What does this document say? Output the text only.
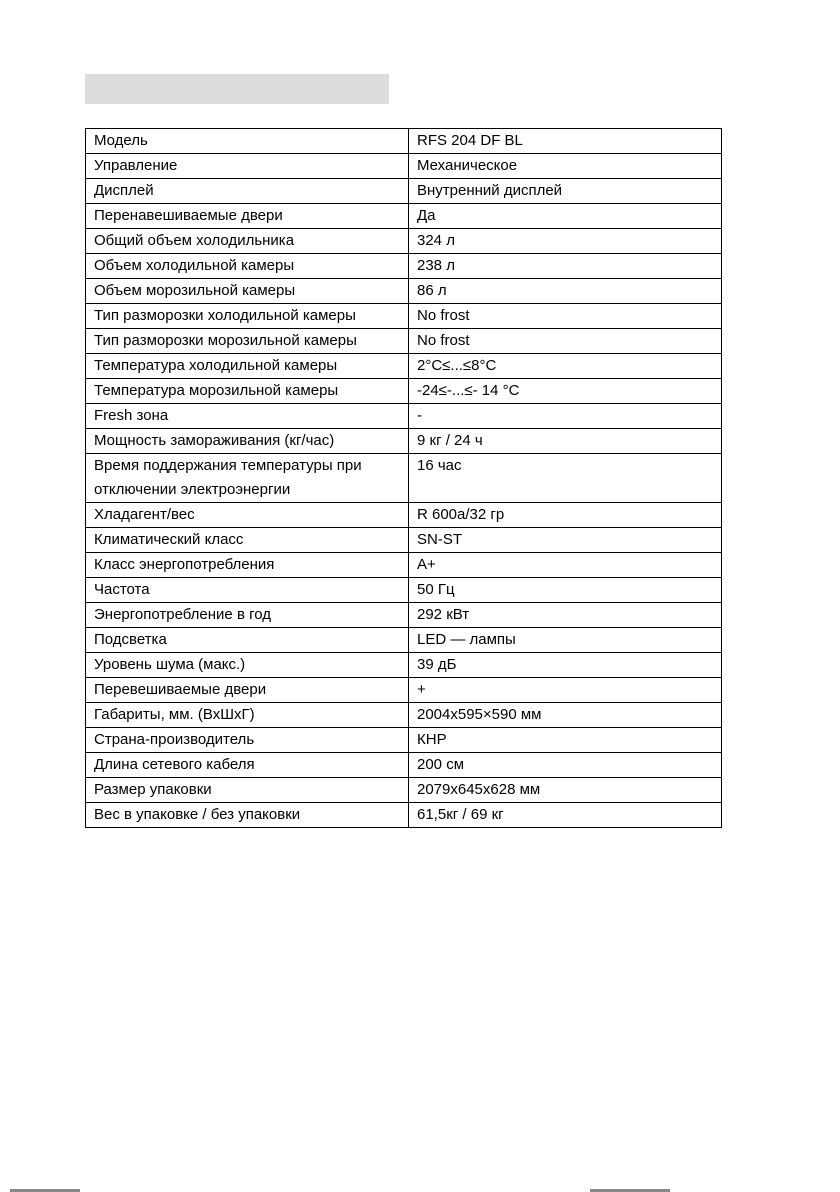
Модель	RFS 204 DF BL
Управление	Механическое
Дисплей	Внутренний дисплей
Перенавешиваемые двери	Да
Общий объем холодильника	324 л
Объем холодильной камеры	238 л
Объем морозильной камеры	86 л
Тип разморозки холодильной камеры	No frost
Тип разморозки морозильной камеры	No frost
Температура холодильной камеры	2°С≤...≤8°С
Температура морозильной камеры	-24≤-...≤- 14 °С
Fresh зона	-
Мощность замораживания (кг/час)	9 кг / 24 ч
Время поддержания температуры при отключении электроэнергии	16 час
Хладагент/вес	R 600a/32 гр
Климатический класс	SN-ST
Класс энергопотребления	A+
Частота	50 Гц
Энергопотребление в год	292 кВт
Подсветка	LED — лампы
Уровень шума (макс.)	39 дБ
Перевешиваемые двери	+
Габариты, мм. (ВхШхГ)	2004x595×590 мм
Страна-производитель	КНР
Длина сетевого кабеля	200 см
Размер упаковки	2079x645x628 мм
Вес в упаковке / без упаковки	61,5кг / 69 кг
